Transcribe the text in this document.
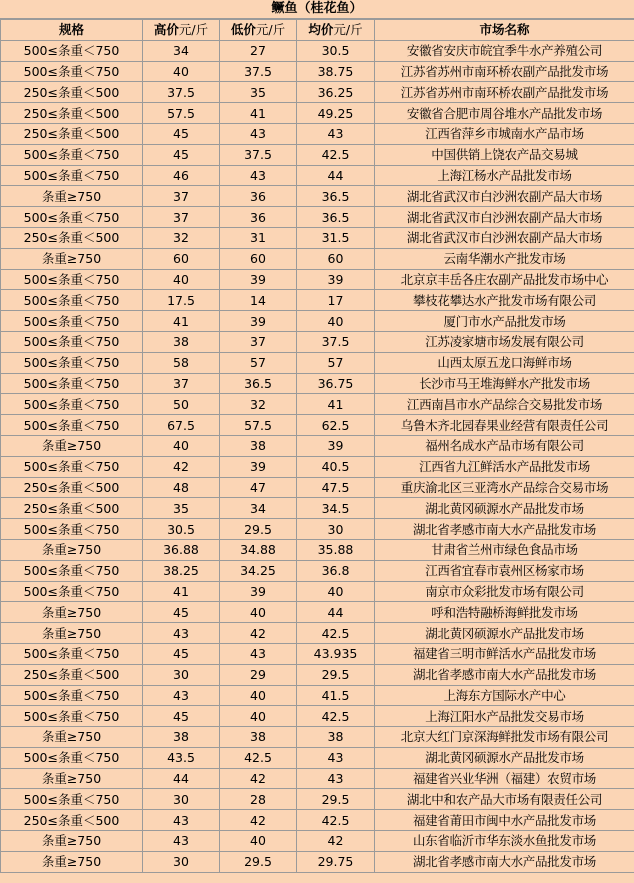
鳜鱼（桂花鱼）
规格	高价元/斤	低价元/斤	均价元/斤	市场名称
500≤条重＜750	34	27	30.5	安徽省安庆市皖宜季牛水产养殖公司
500≤条重＜750	40	37.5	38.75	江苏省苏州市南环桥农副产品批发市场
250≤条重＜500	37.5	35	36.25	江苏省苏州市南环桥农副产品批发市场
250≤条重＜500	57.5	41	49.25	安徽省合肥市周谷堆水产品批发市场
250≤条重＜500	45	43	43	江西省萍乡市城南水产品市场
500≤条重＜750	45	37.5	42.5	中国供销上饶农产品交易城
500≤条重＜750	46	43	44	上海江杨水产品批发市场
条重≥750	37	36	36.5	湖北省武汉市白沙洲农副产品大市场
500≤条重＜750	37	36	36.5	湖北省武汉市白沙洲农副产品大市场
250≤条重＜500	32	31	31.5	湖北省武汉市白沙洲农副产品大市场
条重≥750	60	60	60	云南华潮水产批发市场
500≤条重＜750	40	39	39	北京京丰岳各庄农副产品批发市场中心
500≤条重＜750	17.5	14	17	攀枝花攀达水产批发市场有限公司
500≤条重＜750	41	39	40	厦门市水产品批发市场
500≤条重＜750	38	37	37.5	江苏凌家塘市场发展有限公司
500≤条重＜750	58	57	57	山西太原五龙口海鲜市场
500≤条重＜750	37	36.5	36.75	长沙市马王堆海鲜水产批发市场
500≤条重＜750	50	32	41	江西南昌市水产品综合交易批发市场
500≤条重＜750	67.5	57.5	62.5	乌鲁木齐北园春果业经营有限责任公司
条重≥750	40	38	39	福州名成水产品市场有限公司
500≤条重＜750	42	39	40.5	江西省九江鲜活水产品批发市场
250≤条重＜500	48	47	47.5	重庆渝北区三亚湾水产品综合交易市场
250≤条重＜500	35	34	34.5	湖北黄冈硕源水产品批发市场
500≤条重＜750	30.5	29.5	30	湖北省孝感市南大水产品批发市场
条重≥750	36.88	34.88	35.88	甘肃省兰州市绿色食品市场
500≤条重＜750	38.25	34.25	36.8	江西省宜春市袁州区杨家市场
500≤条重＜750	41	39	40	南京市众彩批发市场有限公司
条重≥750	45	40	44	呼和浩特融桥海鲜批发市场
条重≥750	43	42	42.5	湖北黄冈硕源水产品批发市场
500≤条重＜750	45	43	43.935	福建省三明市鲜活水产品批发市场
250≤条重＜500	30	29	29.5	湖北省孝感市南大水产品批发市场
500≤条重＜750	43	40	41.5	上海东方国际水产中心
500≤条重＜750	45	40	42.5	上海江阳水产品批发交易市场
条重≥750	38	38	38	北京大红门京深海鲜批发市场有限公司
500≤条重＜750	43.5	42.5	43	湖北黄冈硕源水产品批发市场
条重≥750	44	42	43	福建省兴业华洲（福建）农贸市场
500≤条重＜750	30	28	29.5	湖北中和农产品大市场有限责任公司
250≤条重＜500	43	42	42.5	福建省莆田市闽中水产品批发市场
条重≥750	43	40	42	山东省临沂市华东淡水鱼批发市场
条重≥750	30	29.5	29.75	湖北省孝感市南大水产品批发市场
